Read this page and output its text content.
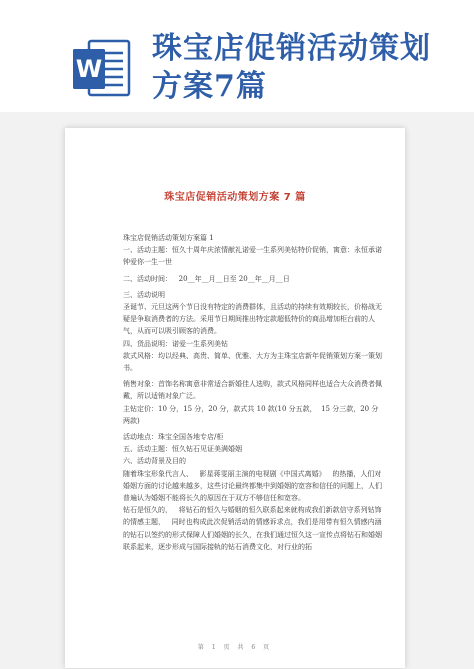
W
珠宝店促销活动策划方案7篇
珠宝店促销活动策划方案 7 篇

珠宝店促销活动策划方案篇 1

一、活动主题：恒久十周年庆浓情献礼诺爱一生系列美钻特价促销，寓意：永恒承诺钟爱你一生一世

二、活动时间：   20__年__月__日至 20__年__月__日

三、活动说明

圣诞节、元旦这两个节日没有特定的消费群体，且活动的持续有效期较长，价格战无疑是争取消费者的方法。采用节日期间推出特定款超低特价的商品增加柜台前的人气，从而可以吸引顾客的消费。

四、货品说明：诺爱一生系列美钻

款式风格：均以经典、高贵、简单、优雅、大方为主珠宝店新年促销策划方案一策划书。

销售对象：首饰名称寓意非常适合新婚佳人选购，款式风格同样也适合大众消费者佩戴，所以适销对象广泛。

主钻定价：10 分，15 分，20 分，款式共 10 款(10 分五款，  15 分三款，20 分两款)

活动地点：珠宝全国各地专店/柜

五、活动主题：恒久钻石见证美满婚姻

六、活动背景及目的

随着珠宝形象代言人、   影星蒋雯丽主演的电视剧《中国式离婚》   的热播，人们对婚姻方面的讨论越来越多，这些讨论最终都集中到婚姻的宽容和信任的问题上，人们普遍认为婚姻不能将长久的原因在于双方不够信任和宽容。

钻石是恒久的，   将钻石的恒久与婚姻的恒久联系起来就构成我们新款信守系列钻饰的情感主题，   同时也构成此次促销活动的情感诉求点，我们是用带有恒久情感内涵的钻石以签约的形式保障人们婚姻的长久，在我们通过恒久这一宣传点将钻石和婚姻联系起来，逐步形成与国际接轨的钻石消费文化，对行业的拓

第 1 页 共 6 页
